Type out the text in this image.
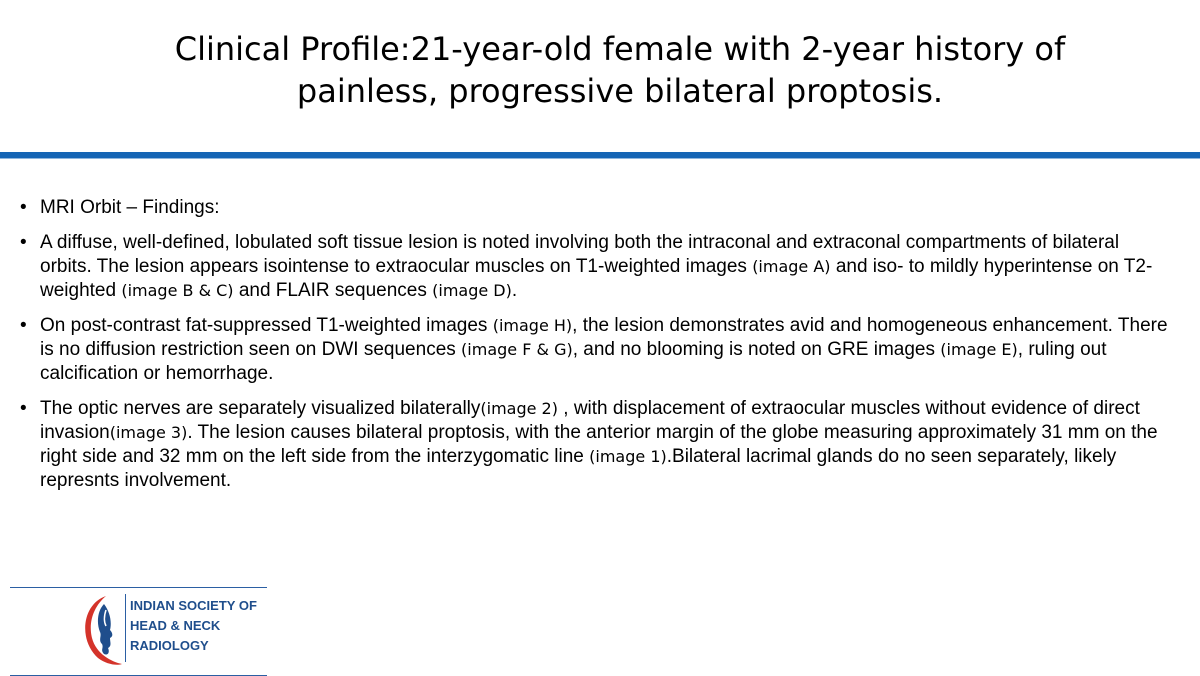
Clinical Profile:21-year-old female with 2-year history of
painless, progressive bilateral proptosis.
• MRI Orbit – Findings:
• A diffuse, well-defined, lobulated soft tissue lesion is noted involving both the intraconal and extraconal compartments of bilateral orbits. The lesion appears isointense to extraocular muscles on T1-weighted images (image A) and iso- to mildly hyperintense on T2-weighted (image B & C) and FLAIR sequences (image D).
• On post-contrast fat-suppressed T1-weighted images (image H), the lesion demonstrates avid and homogeneous enhancement. There is no diffusion restriction seen on DWI sequences (image F & G), and no blooming is noted on GRE images (image E), ruling out calcification or hemorrhage.
• The optic nerves are separately visualized bilaterally(image 2) , with displacement of extraocular muscles without evidence of direct invasion(image 3). The lesion causes bilateral proptosis, with the anterior margin of the globe measuring approximately 31 mm on the right side and 32 mm on the left side from the interzygomatic line (image 1).Bilateral lacrimal glands do no seen separately, likely represnts involvement.
INDIAN SOCIETY OF
HEAD & NECK
RADIOLOGY
